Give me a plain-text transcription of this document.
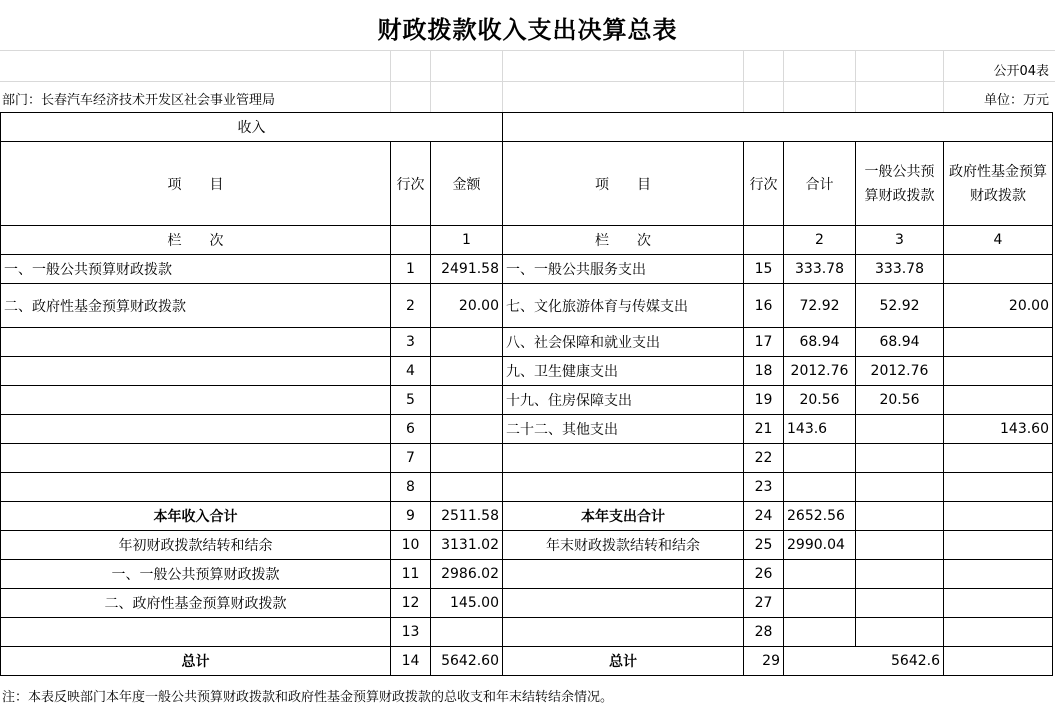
财政拨款收入支出决算总表
公开04表
部门：长春汽车经济技术开发区社会事业管理局	单位：万元
收入							
项　　目	行次	金额	项　　目	行次	合计	一般公共预算财政拨款	政府性基金预算财政拨款
栏　　次		1	栏　　次		2	3	4
一、一般公共预算财政拨款	1	2491.58	一、一般公共服务支出	15	333.78	333.78	
二、政府性基金预算财政拨款	2	20.00	七、文化旅游体育与传媒支出	16	72.92	52.92	20.00
	3		八、社会保障和就业支出	17	68.94	68.94	
	4		九、卫生健康支出	18	2012.76	2012.76	
	5		十九、住房保障支出	19	20.56	20.56	
	6		二十二、其他支出	21	143.6		143.60
	7			22			
	8			23			
本年收入合计	9	2511.58	本年支出合计	24	2652.56		
年初财政拨款结转和结余	10	3131.02	年末财政拨款结转和结余	25	2990.04		
一、一般公共预算财政拨款	11	2986.02		26			
二、政府性基金预算财政拨款	12	145.00		27			
	13			28			
总计	14	5642.60	总计	29	5642.6		
注：本表反映部门本年度一般公共预算财政拨款和政府性基金预算财政拨款的总收支和年末结转结余情况。
